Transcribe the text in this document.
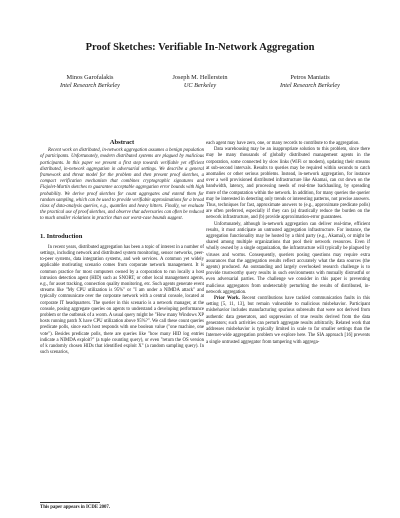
Proof Sketches: Verifiable In-Network Aggregation
Minos Garofalakis
Intel Research Berkeley
Joseph M. Hellerstein
UC Berkeley
Petros Maniatis
Intel Research Berkeley
Abstract

Recent work on distributed, in-network aggregation assumes a benign population of participants. Unfortunately, modern distributed systems are plagued by malicious participants. In this paper we present a first step towards verifiable yet efficient distributed, in-network aggregation in adversarial settings. We describe a general framework and threat model for the problem and then present proof sketches, a compact verification mechanism that combines cryptographic signatures and Flajolet-Martin sketches to guarantee acceptable aggregation error bounds with high probability. We derive proof sketches for count aggregates and extend them for random sampling, which can be used to provide verifiable approximations for a broad class of data-analysis queries, e.g., quantiles and heavy hitters. Finally, we evaluate the practical use of proof sketches, and observe that adversaries can often be reduced to much smaller violations in practice than our worst-case bounds suggest.

1. Introduction

In recent years, distributed aggregation has been a topic of interest in a number of settings, including network and distributed system monitoring, sensor networks, peer-to-peer systems, data integration systems, and web services. A common yet widely applicable motivating scenario comes from corporate network management. It is common practice for most computers owned by a corporation to run locally a host intrusion detection agent (HID) such as SNORT, or other local management agents, e.g., for asset tracking, connection quality monitoring, etc. Such agents generate event streams like "My CPU utilization is 95%" or "I am under a NIMDA attack" and typically communicate over the corporate network with a central console, located at corporate IT headquarters. The querier in this scenario is a network manager, at the console, posing aggregate queries on agents to understand a developing performance problem or the outbreak of a worm. A usual query might be "How many Windows XP hosts running patch X have CPU utilization above 95%?". We call these count queries predicate polls, since each host responds with one boolean value ("one machine, one vote"). Besides predicate polls, there are queries like "how many HID log entries indicate a NIMDA exploit?" (a tuple counting query), or even "return the OS version of k randomly chosen HIDs that identified exploit X" (a random sampling query). In such scenarios,

each agent may have zero, one, or many records to contribute to the aggregation.

Data warehousing may be an inappropriate solution to this problem, since there may be many thousands of globally distributed management agents in the corporation, some connected by slow links (WiFi or modem), updating their streams at sub-second intervals. Results to queries may be required within seconds to catch anomalies or other serious problems. Instead, in-network aggregation, for instance over a well provisioned distributed infrastructure like Akamai, can cut down on the bandwidth, latency, and processing needs of real-time backhauling, by spreading more of the computation within the network. In addition, for many queries the querier may be interested in detecting only trends or interesting patterns, not precise answers. Thus, techniques for fast, approximate answers to (e.g., approximate predicate polls) are often preferred, especially if they can (a) drastically reduce the burden on the network infrastructure, and (b) provide approximation-error guarantees.

Unfortunately, although in-network aggregation can deliver real-time, efficient results, it must anticipate an untrusted aggregation infrastructure. For instance, the aggregation functionality may be hosted by a third party (e.g., Akamai), or might be shared among multiple organizations that pool their network resources. Even if wholly owned by a single organization, the infrastructure will typically be plagued by viruses and worms. Consequently, queriers posing questions may require extra assurances that the aggregation results reflect accurately what the data sources (the agents) produced. An outstanding and largely overlooked research challenge is to provide trustworthy query results in such environments with mutually distrustful or even adversarial parties. The challenge we consider in this paper is preventing malicious aggregators from undetectably perturbing the results of distributed, in-network aggregation.

Prior Work. Recent contributions have tackled communication faults in this setting [5, 11, 13], but remain vulnerable to malicious misbehavior. Participant misbehavior includes manufacturing spurious subresults that were not derived from authentic data generators, and suppression of true results derived from the data generators; such activities can perturb aggregate results arbitrarily. Related work that addresses misbehavior is typically limited in scale to far smaller settings than the Internet-wide aggregation problem we explore here. The SIA approach [16] prevents a single untrusted aggregator from tampering with aggrega-

This paper appears in ICDE 2007.
